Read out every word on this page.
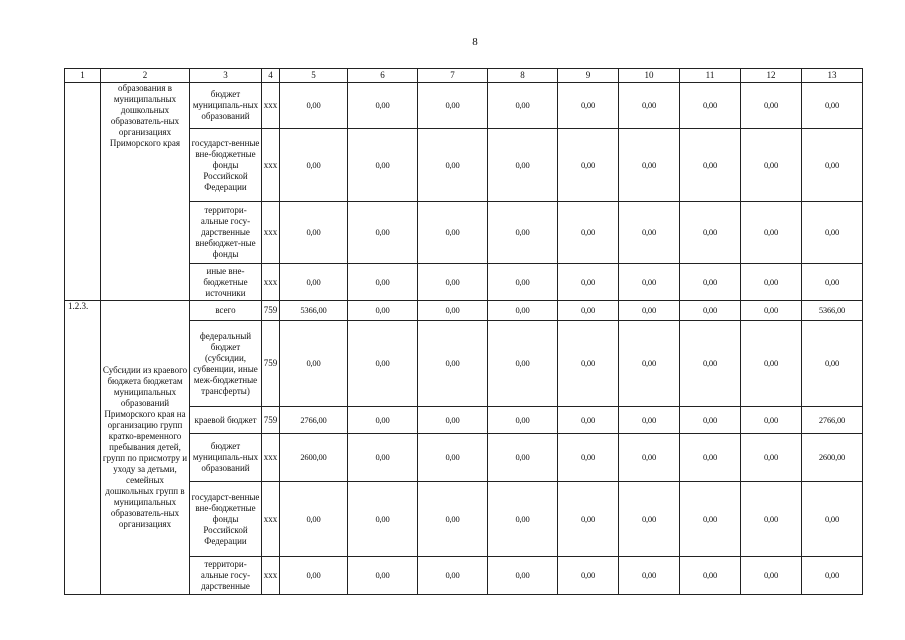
8
1	2	3	4	5	6	7	8	9	10	11	12	13
	образования в муниципальных дошкольных образователь-ных организациях Приморского края	бюджет муниципаль-ных образований	ххх	0,00	0,00	0,00	0,00	0,00	0,00	0,00	0,00	0,00
		государст-венные вне-бюджетные фонды Российской Федерации	ххх	0,00	0,00	0,00	0,00	0,00	0,00	0,00	0,00	0,00
		территори-альные госу-дарственные внебюджет-ные фонды	ххх	0,00	0,00	0,00	0,00	0,00	0,00	0,00	0,00	0,00
		иные вне-бюджетные источники	ххх	0,00	0,00	0,00	0,00	0,00	0,00	0,00	0,00	0,00
1.2.3.	Субсидии из краевого бюджета бюджетам муниципальных образований Приморского края на организацию групп кратко-временного пребывания детей, групп по присмотру и уходу за детьми, семейных дошкольных групп в муниципальных образователь-ных организациях	всего	759	5366,00	0,00	0,00	0,00	0,00	0,00	0,00	0,00	5366,00
		федеральный бюджет (субсидии, субвенции, иные меж-бюджетные трансферты)	759	0,00	0,00	0,00	0,00	0,00	0,00	0,00	0,00	0,00
		краевой бюджет	759	2766,00	0,00	0,00	0,00	0,00	0,00	0,00	0,00	2766,00
		бюджет муниципаль-ных образований	ххх	2600,00	0,00	0,00	0,00	0,00	0,00	0,00	0,00	2600,00
		государст-венные вне-бюджетные фонды Российской Федерации	ххх	0,00	0,00	0,00	0,00	0,00	0,00	0,00	0,00	0,00
		территори-альные госу-дарственные	ххх	0,00	0,00	0,00	0,00	0,00	0,00	0,00	0,00	0,00
